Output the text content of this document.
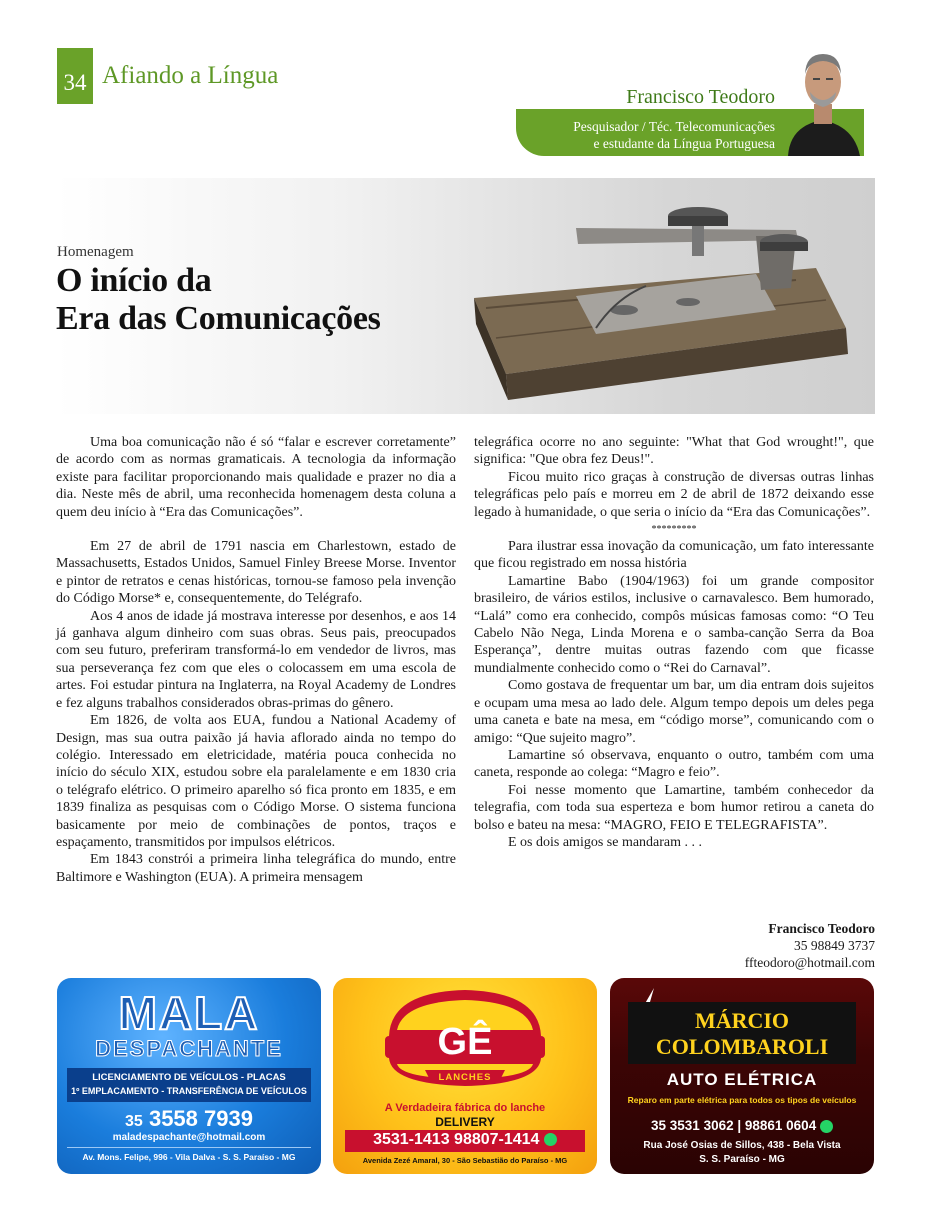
34 Afiando a Língua
Francisco Teodoro
Pesquisador / Téc. Telecomunicações
e estudante da Língua Portuguesa
Homenagem
O início da
Era das Comunicações

Uma boa comunicação não é só “falar e escrever corretamente” de acordo com as normas gramaticais. A tecnologia da informação existe para facilitar proporcionando mais qualidade e prazer no dia a dia. Neste mês de abril, uma reconhecida homenagem desta coluna a quem deu início à “Era das Comunicações”.

Em 27 de abril de 1791 nascia em Charlestown, estado de Massachusetts, Estados Unidos, Samuel Finley Breese Morse. Inventor e pintor de retratos e cenas históricas, tornou-se famoso pela invenção do Código Morse* e, consequentemente, do Telégrafo.

Aos 4 anos de idade já mostrava interesse por desenhos, e aos 14 já ganhava algum dinheiro com suas obras. Seus pais, preocupados com seu futuro, preferiram transformá-lo em vendedor de livros, mas sua perseverança fez com que eles o colocassem em uma escola de artes. Foi estudar pintura na Inglaterra, na Royal Academy de Londres e fez alguns trabalhos considerados obras-primas do gênero.

Em 1826, de volta aos EUA, fundou a National Academy of Design, mas sua outra paixão já havia aflorado ainda no tempo do colégio. Interessado em eletricidade, matéria pouca conhecida no início do século XIX, estudou sobre ela paralelamente e em 1830 cria o telégrafo elétrico. O primeiro aparelho só fica pronto em 1835, e em 1839 finaliza as pesquisas com o Código Morse. O sistema funciona basicamente por meio de combinações de pontos, traços e espaçamento, transmitidos por impulsos elétricos.

Em 1843 constrói a primeira linha telegráfica do mundo, entre Baltimore e Washington (EUA). A primeira mensagem

telegráfica ocorre no ano seguinte: "What that God wrought!", que significa: "Que obra fez Deus!".

Ficou muito rico graças à construção de diversas outras linhas telegráficas pelo país e morreu em 2 de abril de 1872 deixando esse legado à humanidade, o que seria o início da “Era das Comunicações”.

*********

Para ilustrar essa inovação da comunicação, um fato interessante que ficou registrado em nossa história

Lamartine Babo (1904/1963) foi um grande compositor brasileiro, de vários estilos, inclusive o carnavalesco. Bem humorado, “Lalá” como era conhecido, compôs músicas famosas como: “O Teu Cabelo Não Nega, Linda Morena e o samba-canção Serra da Boa Esperança”, dentre muitas outras fazendo com que ficasse mundialmente conhecido como o “Rei do Carnaval”.

Como gostava de frequentar um bar, um dia entram dois sujeitos e ocupam uma mesa ao lado dele. Algum tempo depois um deles pega uma caneta e bate na mesa, em “código morse”, comunicando com o amigo: “Que sujeito magro”.

Lamartine só observava, enquanto o outro, também com uma caneta, responde ao colega: “Magro e feio”.

Foi nesse momento que Lamartine, também conhecedor da telegrafia, com toda sua esperteza e bom humor retirou a caneta do bolso e bateu na mesa: “MAGRO, FEIO E TELEGRAFISTA”.

E os dois amigos se mandaram . . .

Francisco Teodoro
35 98849 3737
ffteodoro@hotmail.com
MALA
DESPACHANTE
LICENCIAMENTO DE VEÍCULOS - PLACAS
1º EMPLACAMENTO - TRANSFERÊNCIA DE VEÍCULOS
35 3558 7939
maladespachante@hotmail.com
Av. Mons. Felipe, 996 - Vila Dalva - S. S. Paraíso - MG
GÊ
LANCHES
A Verdadeira fábrica do lanche
DELIVERY
3531-1413 98807-1414
Avenida Zezé Amaral, 30 - São Sebastião do Paraíso - MG
MÁRCIO
COLOMBAROLI
AUTO ELÉTRICA
Reparo em parte elétrica para todos os tipos de veículos
35 3531 3062 | 98861 0604
Rua José Osias de Sillos, 438 - Bela Vista
S. S. Paraíso - MG
